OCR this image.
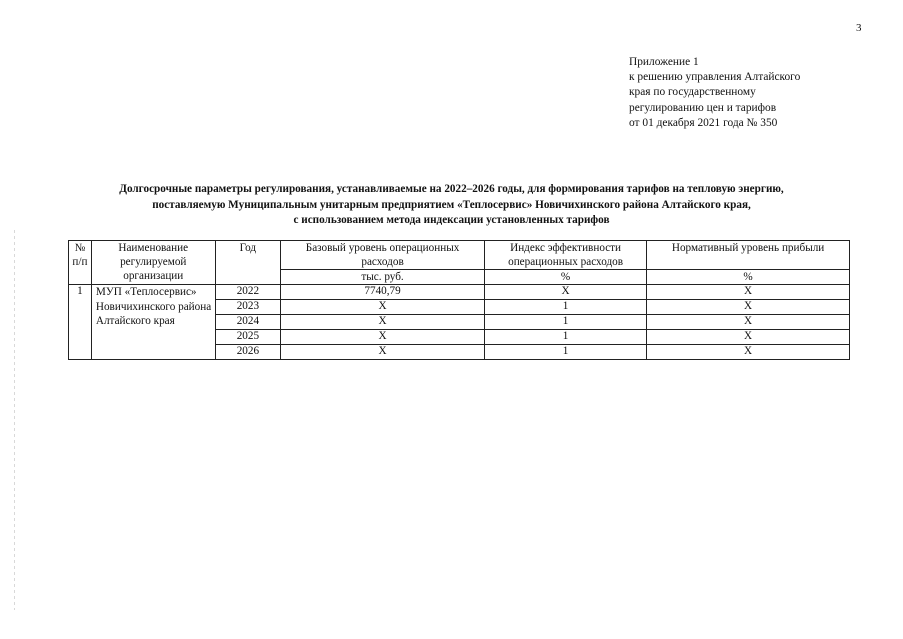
3
Приложение 1
к решению управления Алтайского
края по государственному
регулированию цен и тарифов
от 01 декабря 2021 года № 350
Долгосрочные параметры регулирования, устанавливаемые на 2022–2026 годы, для формирования тарифов на тепловую энергию,
поставляемую Муниципальным унитарным предприятием «Теплосервис» Новичихинского района Алтайского края,
с использованием метода индексации установленных тарифов
№ п/п	Наименование регулируемой организации	Год	Базовый уровень операционных расходов	Индекс эффективности операционных расходов	Нормативный уровень прибыли
			тыс. руб.	%	%
1	МУП «Теплосервис» Новичихинского района Алтайского края	2022	7740,79	X	X
		2023	X	1	X
		2024	X	1	X
		2025	X	1	X
		2026	X	1	X
